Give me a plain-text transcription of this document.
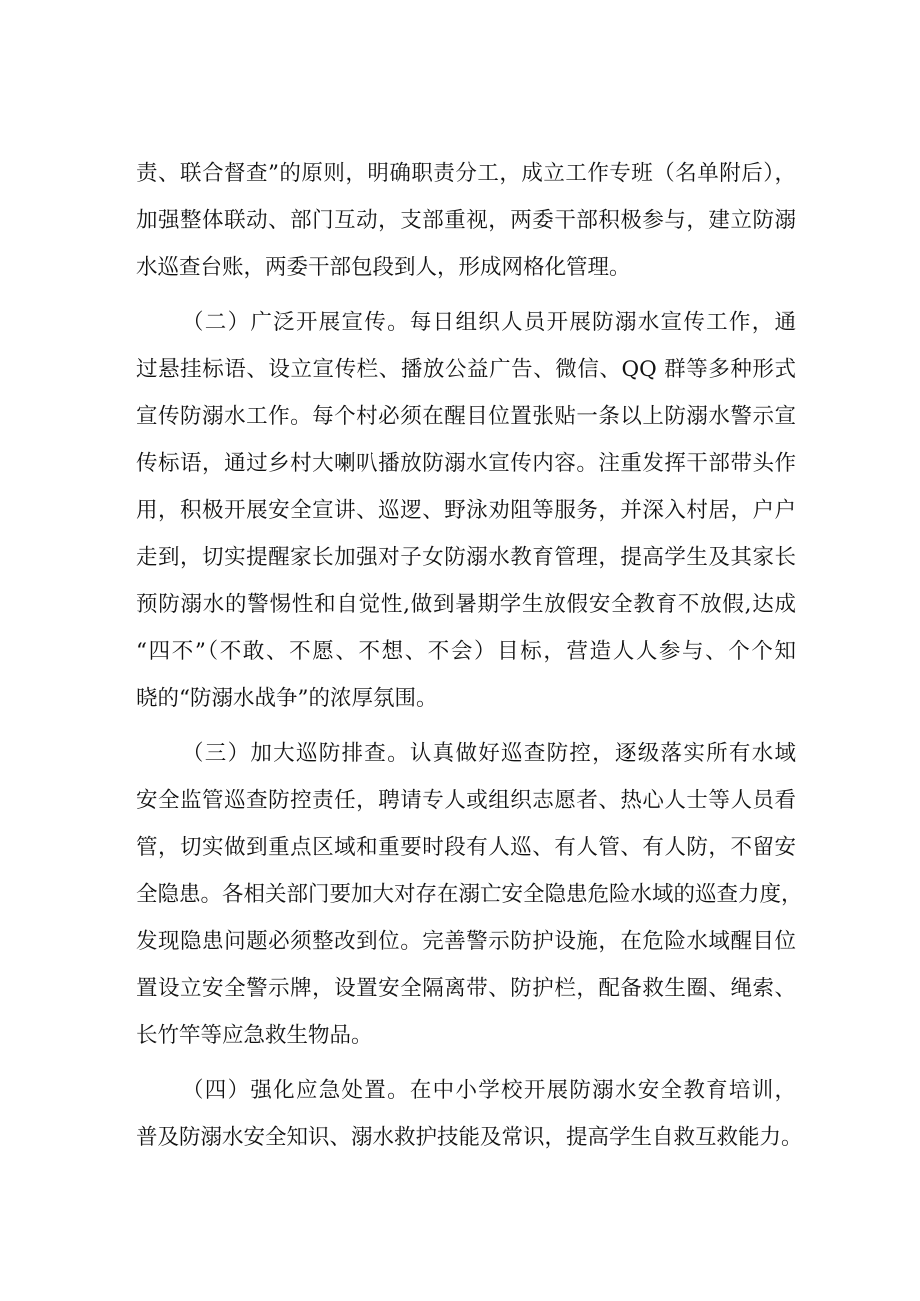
责、联合督查”的原则，明确职责分工，成立工作专班（名单附后），
加强整体联动、部门互动，支部重视，两委干部积极参与，建立防溺
水巡查台账，两委干部包段到人，形成网格化管理。
（二）广泛开展宣传。每日组织人员开展防溺水宣传工作，通
过悬挂标语、设立宣传栏、播放公益广告、微信、QQ 群等多种形式
宣传防溺水工作。每个村必须在醒目位置张贴一条以上防溺水警示宣
传标语，通过乡村大喇叭播放防溺水宣传内容。注重发挥干部带头作
用，积极开展安全宣讲、巡逻、野泳劝阻等服务，并深入村居，户户
走到，切实提醒家长加强对子女防溺水教育管理，提高学生及其家长
预防溺水的警惕性和自觉性,做到暑期学生放假安全教育不放假,达成
“四不”（不敢、不愿、不想、不会）目标，营造人人参与、个个知
晓的“防溺水战争”的浓厚氛围。
（三）加大巡防排查。认真做好巡查防控，逐级落实所有水域
安全监管巡查防控责任，聘请专人或组织志愿者、热心人士等人员看
管，切实做到重点区域和重要时段有人巡、有人管、有人防，不留安
全隐患。各相关部门要加大对存在溺亡安全隐患危险水域的巡查力度，
发现隐患问题必须整改到位。完善警示防护设施，在危险水域醒目位
置设立安全警示牌，设置安全隔离带、防护栏，配备救生圈、绳索、
长竹竿等应急救生物品。
（四）强化应急处置。在中小学校开展防溺水安全教育培训，
普及防溺水安全知识、溺水救护技能及常识，提高学生自救互救能力。
